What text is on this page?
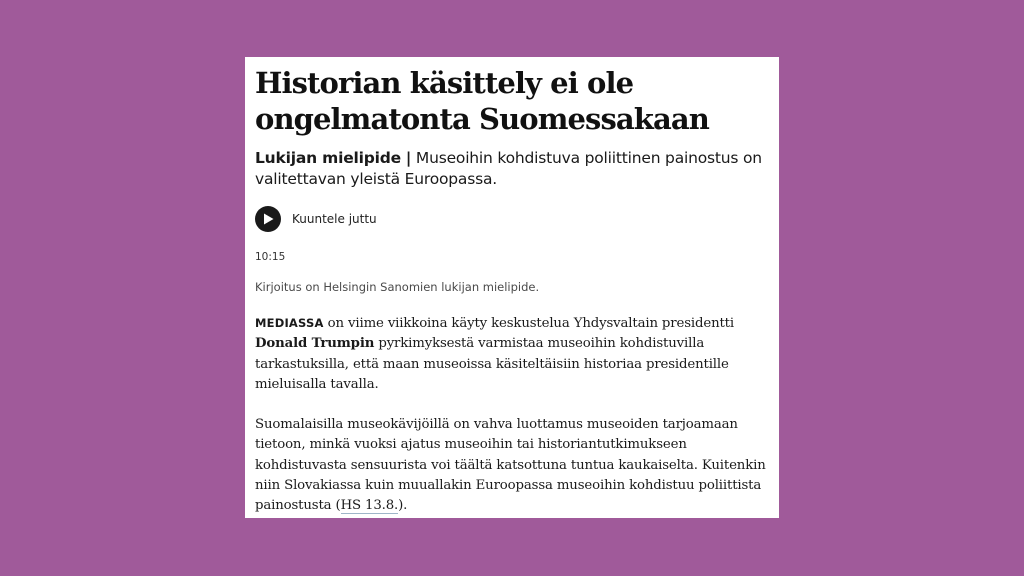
Historian käsittely ei ole
ongelmatonta Suomessakaan
Lukijan mielipide | Museoihin kohdistuva poliittinen painostus on valitettavan yleistä Euroopassa.
Kuuntele juttu
10:15
Kirjoitus on Helsingin Sanomien lukijan mielipide.
MEDIASSA on viime viikkoina käyty keskustelua Yhdysvaltain presidentti
Donald Trumpin pyrkimyksestä varmistaa museoihin kohdistuvilla tarkastuksilla, että maan museoissa käsiteltäisiin historiaa presidentille mieluisalla tavalla.
Suomalaisilla museokävijöillä on vahva luottamus museoiden tarjoamaan tietoon, minkä vuoksi ajatus museoihin tai historiantutkimukseen kohdistuvasta sensuurista voi täältä katsottuna tuntua kaukaiselta. Kuitenkin niin Slovakiassa kuin muuallakin Euroopassa museoihin kohdistuu poliittista painostusta (HS 13.8.).
